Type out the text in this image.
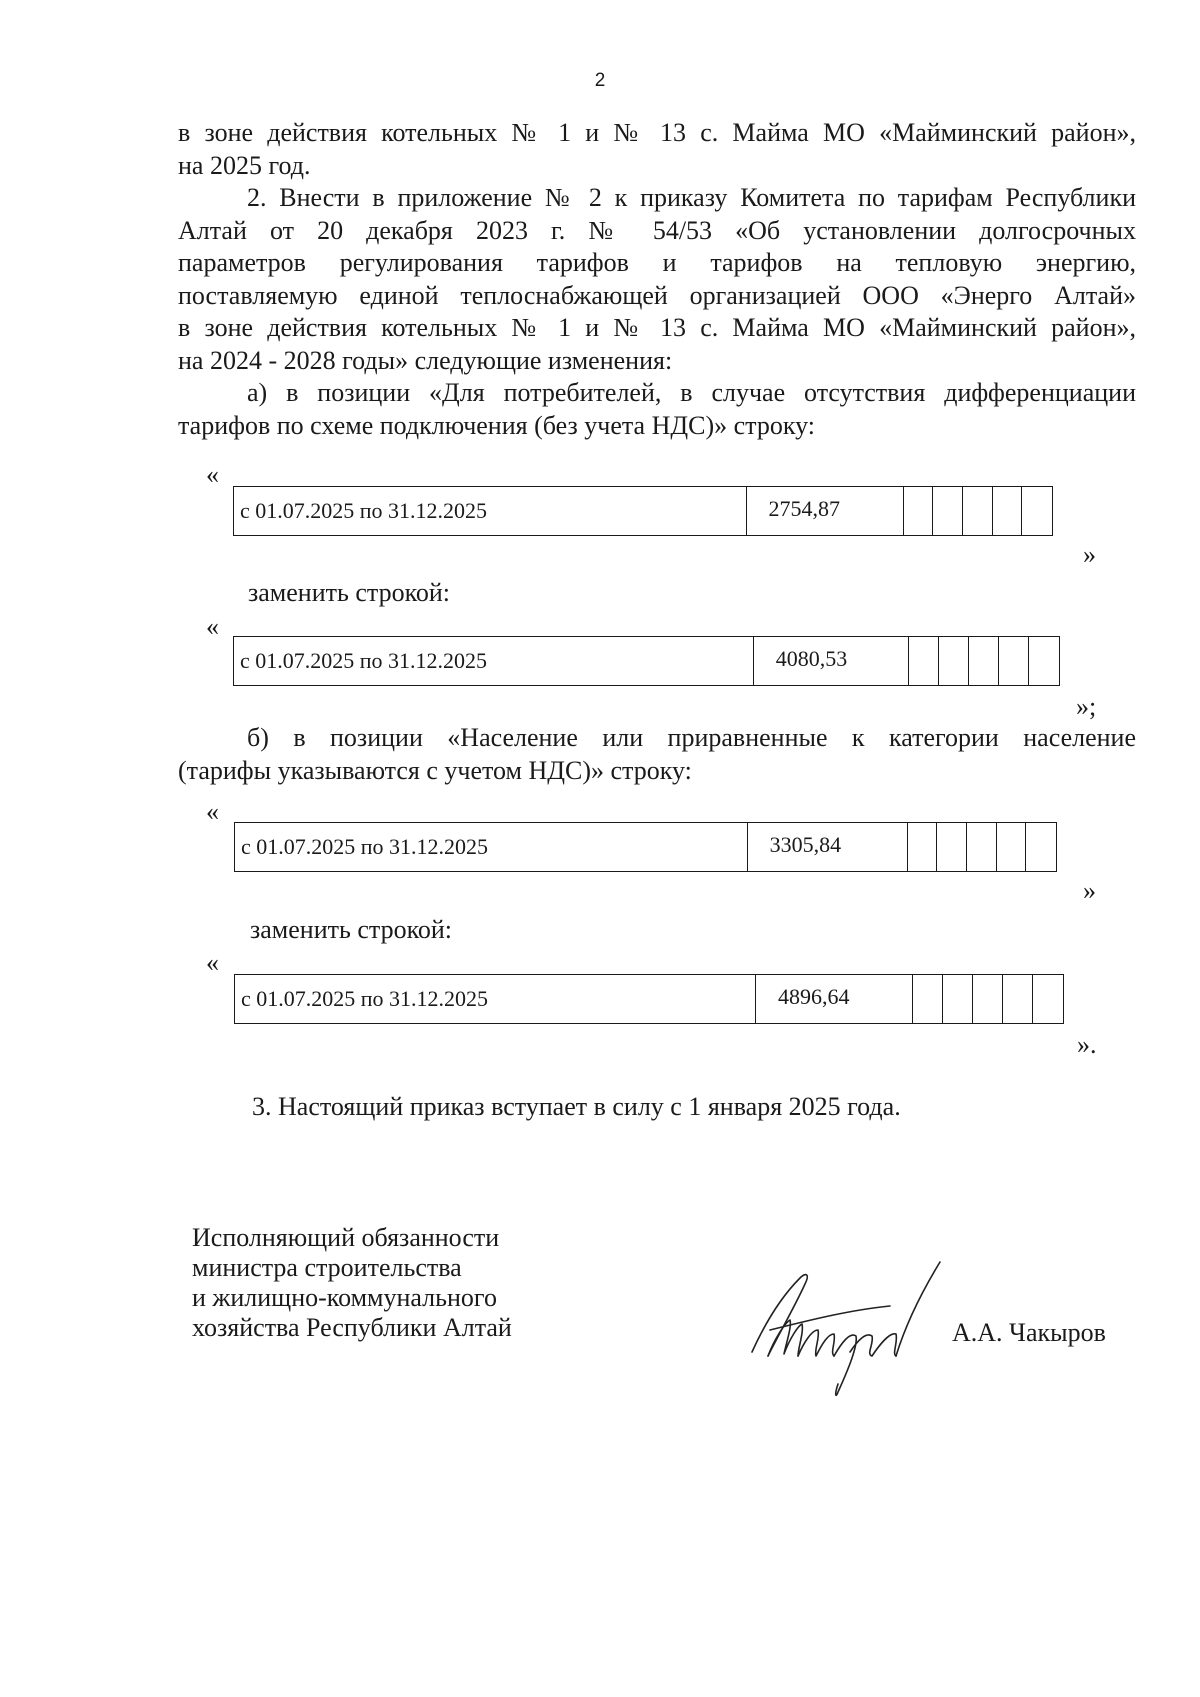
2
в зоне действия котельных № 1 и № 13 с. Майма МО «Майминский район»,
на 2025 год.
2. Внести в приложение № 2 к приказу Комитета по тарифам Республики
Алтай от 20 декабря 2023 г. № 54/53 «Об установлении долгосрочных
параметров регулирования тарифов и тарифов на тепловую энергию,
поставляемую единой теплоснабжающей организацией ООО «Энерго Алтай»
в зоне действия котельных № 1 и № 13 с. Майма МО «Майминский район»,
на 2024 - 2028 годы» следующие изменения:
а) в позиции «Для потребителей, в случае отсутствия дифференциации
тарифов по схеме подключения (без учета НДС)» строку:
«
с 01.07.2025 по 31.12.2025	2754,87
»
заменить строкой:
«
с 01.07.2025 по 31.12.2025	4080,53
»;
б) в позиции «Население или приравненные к категории население
(тарифы указываются с учетом НДС)» строку:
«
с 01.07.2025 по 31.12.2025	3305,84
»
заменить строкой:
«
с 01.07.2025 по 31.12.2025	4896,64
».
3. Настоящий приказ вступает в силу с 1 января 2025 года.
Исполняющий обязанности
министра строительства
и жилищно-коммунального
хозяйства Республики Алтай	А.А. Чакыров
